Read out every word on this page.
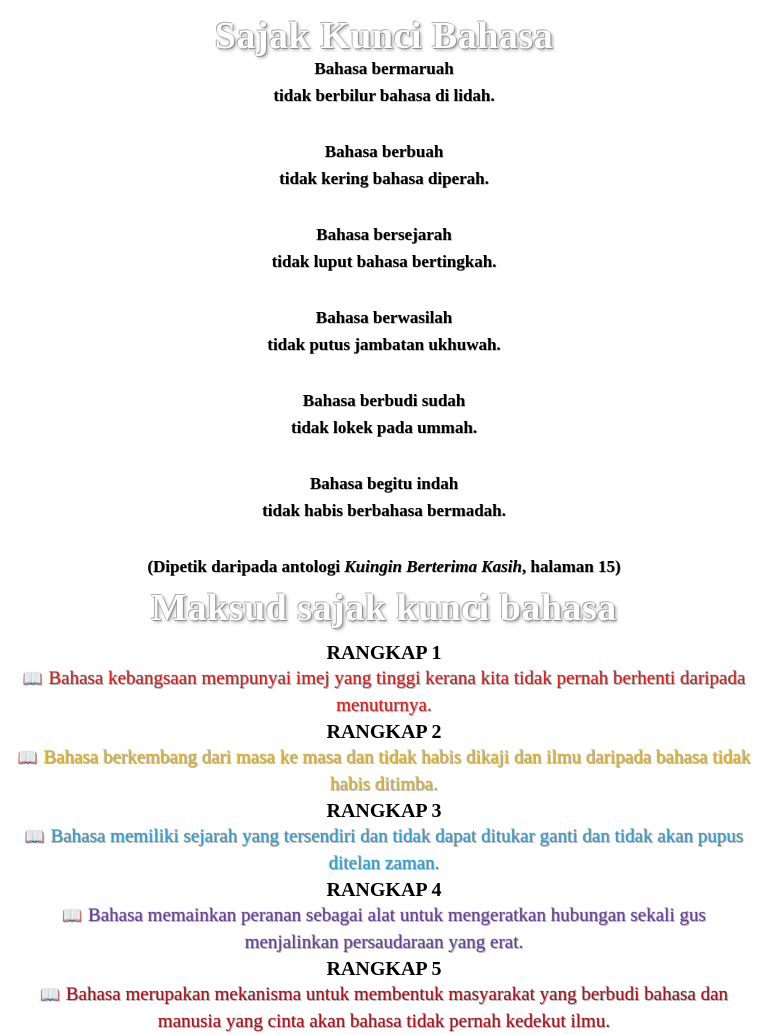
Sajak Kunci Bahasa

Bahasa bermaruah

tidak berbilur bahasa di lidah.

Bahasa berbuah

tidak kering bahasa diperah.

Bahasa bersejarah

tidak luput bahasa bertingkah.

Bahasa berwasilah

tidak putus jambatan ukhuwah.

Bahasa berbudi sudah

tidak lokek pada ummah.

Bahasa begitu indah

tidak habis berbahasa bermadah.

(Dipetik daripada antologi Kuingin Berterima Kasih, halaman 15)
Maksud sajak kunci bahasa

RANGKAP 1

📖 Bahasa kebangsaan mempunyai imej yang tinggi kerana kita tidak pernah berhenti daripada menuturnya.

RANGKAP 2

📖 Bahasa berkembang dari masa ke masa dan tidak habis dikaji dan ilmu daripada bahasa tidak habis ditimba.

RANGKAP 3

📖 Bahasa memiliki sejarah yang tersendiri dan tidak dapat ditukar ganti dan tidak akan pupus ditelan zaman.

RANGKAP 4

📖 Bahasa memainkan peranan sebagai alat untuk mengeratkan hubungan sekali gus menjalinkan persaudaraan yang erat.

RANGKAP 5

📖 Bahasa merupakan mekanisma untuk membentuk masyarakat yang berbudi bahasa dan manusia yang cinta akan bahasa tidak pernah kedekut ilmu.
